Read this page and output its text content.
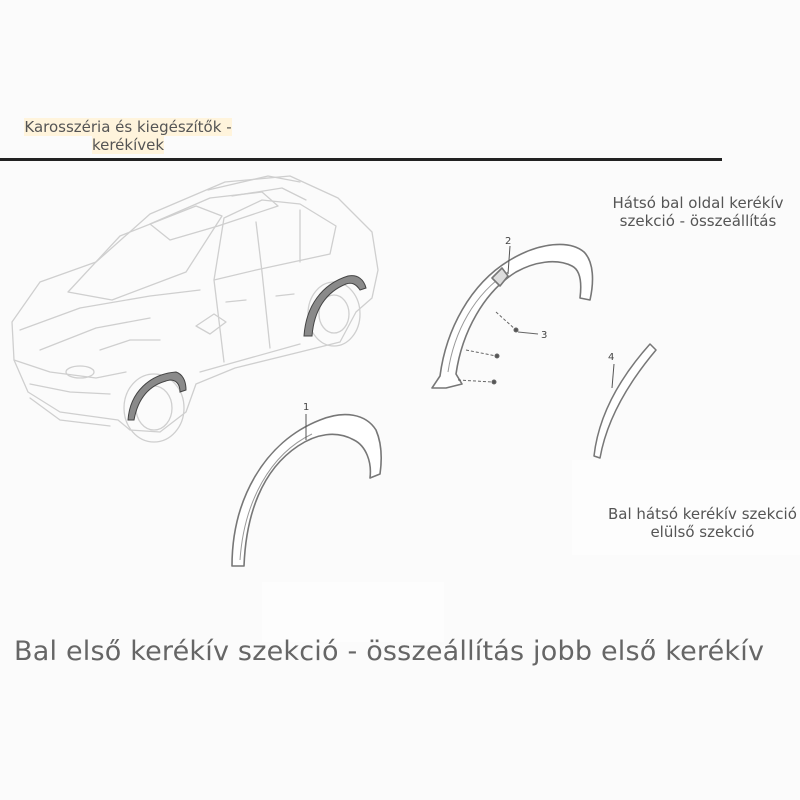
1
2
3
4
Karosszéria és kiegészítők -
kerékívek
Hátsó bal oldal kerékív
szekció - összeállítás
Bal hátsó kerékív szekció
elülső szekció
Bal első kerékív szekció - összeállítás jobb első kerékív
